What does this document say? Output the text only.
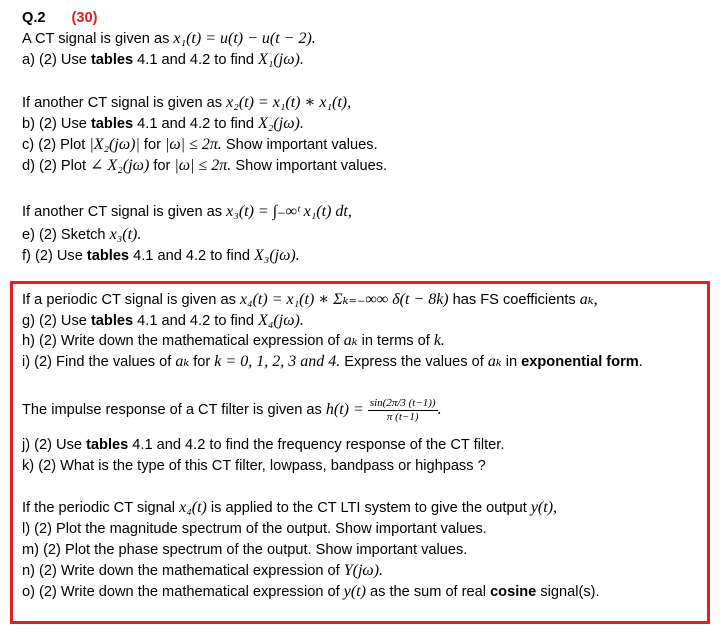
Q.2 (30)
A CT signal is given as x₁(t) = u(t) − u(t − 2).
a) (2) Use tables 4.1 and 4.2 to find X₁(jω).
If another CT signal is given as x₂(t) = x₁(t) ∗ x₁(t),
b) (2) Use tables 4.1 and 4.2 to find X₂(jω).
c) (2) Plot |X₂(jω)| for |ω| ≤ 2π. Show important values.
d) (2) Plot ∠ X₂(jω) for |ω| ≤ 2π. Show important values.
If another CT signal is given as x₃(t) = ∫₋∞ᵗ x₁(t) dt,
e) (2) Sketch x₃(t).
f) (2) Use tables 4.1 and 4.2 to find X₃(jω).
If a periodic CT signal is given as x₄(t) = x₁(t) ∗ Σₖ₌₋∞∞ δ(t − 8k) has FS coefficients aₖ,
g) (2) Use tables 4.1 and 4.2 to find X₄(jω).
h) (2) Write down the mathematical expression of aₖ in terms of k.
i) (2) Find the values of aₖ for k = 0, 1, 2, 3 and 4. Express the values of aₖ in exponential form.
The impulse response of a CT filter is given as $h(t) = \frac{\sin(2\pi/3 (t-1))}{\pi (t-1)}$ .
j) (2) Use tables 4.1 and 4.2 to find the frequency response of the CT filter.
k) (2) What is the type of this CT filter, lowpass, bandpass or highpass ?
If the periodic CT signal x₄(t) is applied to the CT LTI system to give the output y(t),
l) (2) Plot the magnitude spectrum of the output. Show important values.
m) (2) Plot the phase spectrum of the output. Show important values.
n) (2) Write down the mathematical expression of Y(jω).
o) (2) Write down the mathematical expression of y(t) as the sum of real cosine signal(s).
